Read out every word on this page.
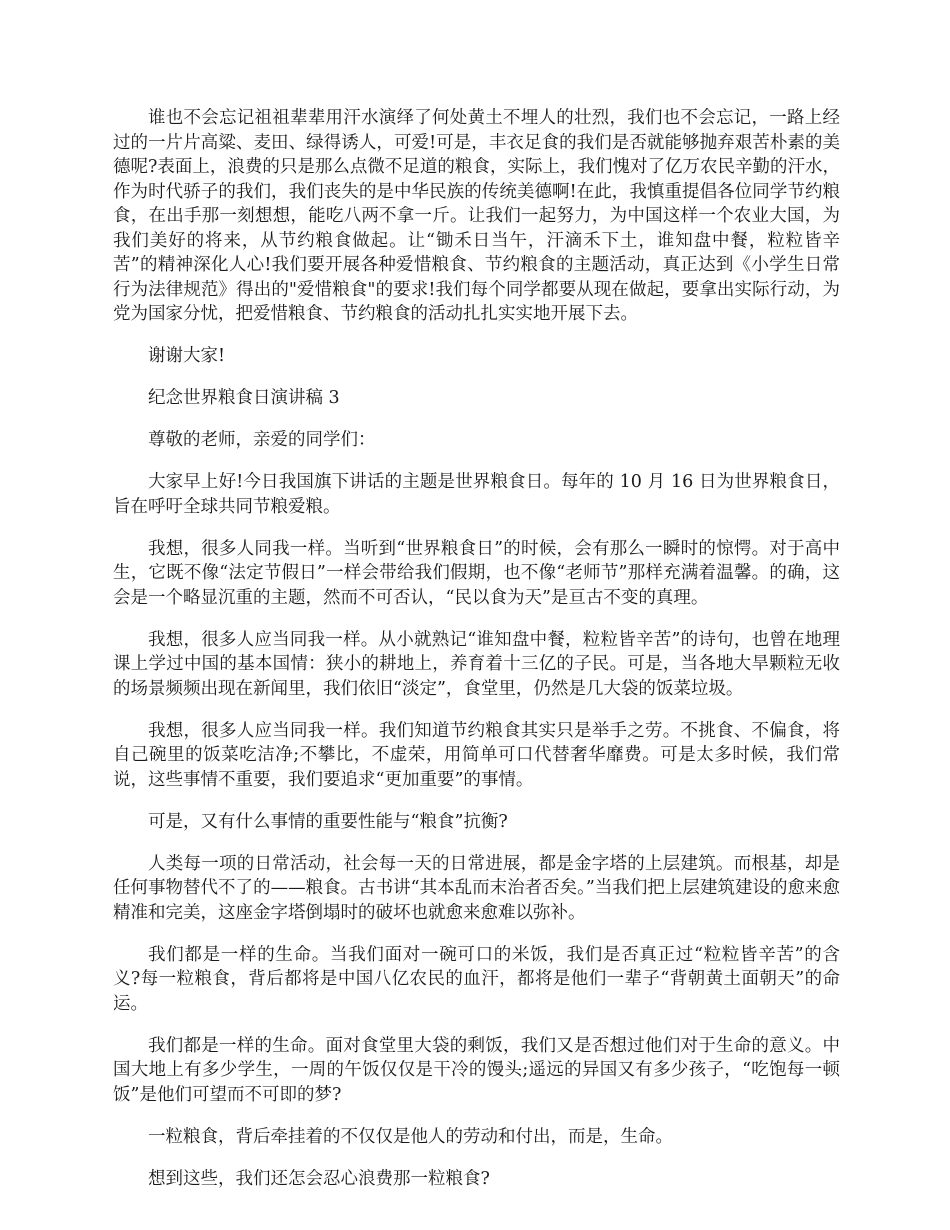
谁也不会忘记祖祖辈辈用汗水演绎了何处黄土不埋人的壮烈，我们也不会忘记，一路上经过的一片片高粱、麦田、绿得诱人，可爱!可是，丰衣足食的我们是否就能够抛弃艰苦朴素的美德呢?表面上，浪费的只是那么点微不足道的粮食，实际上，我们愧对了亿万农民辛勤的汗水，作为时代骄子的我们，我们丧失的是中华民族的传统美德啊!在此，我慎重提倡各位同学节约粮食，在出手那一刻想想，能吃八两不拿一斤。让我们一起努力，为中国这样一个农业大国，为我们美好的将来，从节约粮食做起。让“锄禾日当午，汗滴禾下土，谁知盘中餐，粒粒皆辛苦”的精神深化人心!我们要开展各种爱惜粮食、节约粮食的主题活动，真正达到《小学生日常行为法律规范》得出的"爱惜粮食"的要求!我们每个同学都要从现在做起，要拿出实际行动，为党为国家分忧，把爱惜粮食、节约粮食的活动扎扎实实地开展下去。

谢谢大家!

纪念世界粮食日演讲稿 3

尊敬的老师，亲爱的同学们：

大家早上好!今日我国旗下讲话的主题是世界粮食日。每年的 10 月 16 日为世界粮食日，旨在呼吁全球共同节粮爱粮。

我想，很多人同我一样。当听到“世界粮食日”的时候，会有那么一瞬时的惊愕。对于高中生，它既不像“法定节假日”一样会带给我们假期，也不像“老师节”那样充满着温馨。的确，这会是一个略显沉重的主题，然而不可否认，“民以食为天”是亘古不变的真理。

我想，很多人应当同我一样。从小就熟记“谁知盘中餐，粒粒皆辛苦”的诗句，也曾在地理课上学过中国的基本国情：狭小的耕地上，养育着十三亿的子民。可是，当各地大旱颗粒无收的场景频频出现在新闻里，我们依旧“淡定”，食堂里，仍然是几大袋的饭菜垃圾。

我想，很多人应当同我一样。我们知道节约粮食其实只是举手之劳。不挑食、不偏食，将自己碗里的饭菜吃洁净;不攀比，不虚荣，用简单可口代替奢华靡费。可是太多时候，我们常说，这些事情不重要，我们要追求“更加重要”的事情。

可是，又有什么事情的重要性能与“粮食”抗衡?

人类每一项的日常活动，社会每一天的日常进展，都是金字塔的上层建筑。而根基，却是任何事物替代不了的——粮食。古书讲“其本乱而末治者否矣。”当我们把上层建筑建设的愈来愈精准和完美，这座金字塔倒塌时的破坏也就愈来愈难以弥补。

我们都是一样的生命。当我们面对一碗可口的米饭，我们是否真正过“粒粒皆辛苦”的含义?每一粒粮食，背后都将是中国八亿农民的血汗，都将是他们一辈子“背朝黄土面朝天”的命运。

我们都是一样的生命。面对食堂里大袋的剩饭，我们又是否想过他们对于生命的意义。中国大地上有多少学生，一周的午饭仅仅是干冷的馒头;遥远的异国又有多少孩子，“吃饱每一顿饭”是他们可望而不可即的梦?

一粒粮食，背后牵挂着的不仅仅是他人的劳动和付出，而是，生命。

想到这些，我们还怎会忍心浪费那一粒粮食?
